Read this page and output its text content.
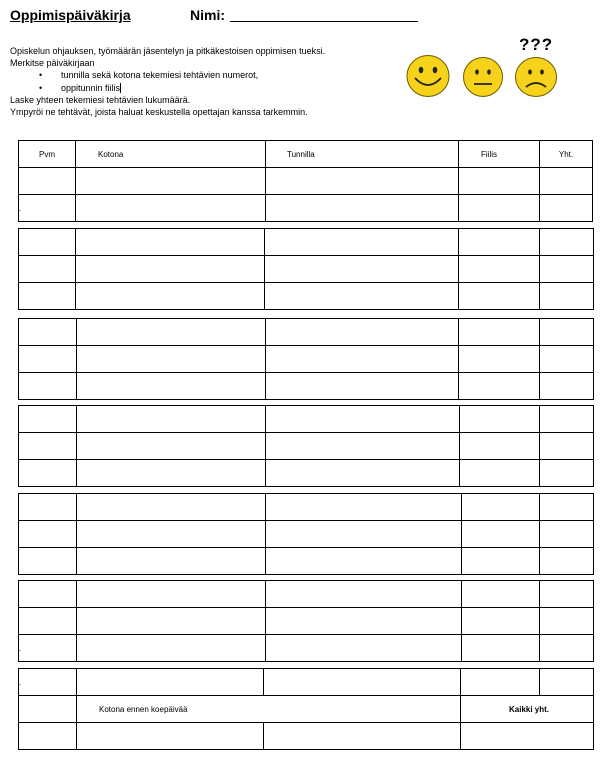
Oppimispäiväkirja	Nimi:
Opiskelun ohjauksen, työmäärän jäsentelyn ja pitkäkestoisen oppimisen tueksi.
Merkitse päiväkirjaan
• tunnilla sekä kotona tekemiesi tehtävien numerot,
• oppitunnin fiilis
Laske yhteen tekemiesi tehtävien lukumäärä.
Ympyröi ne tehtävät, joista haluat keskustella opettajan kanssa tarkemmin.
???
Pvm	Kotona	Tunnilla	Fiilis	Yht.

.				

.				
.				
	Kotona ennen koepäivää		Kaikki yht.	
